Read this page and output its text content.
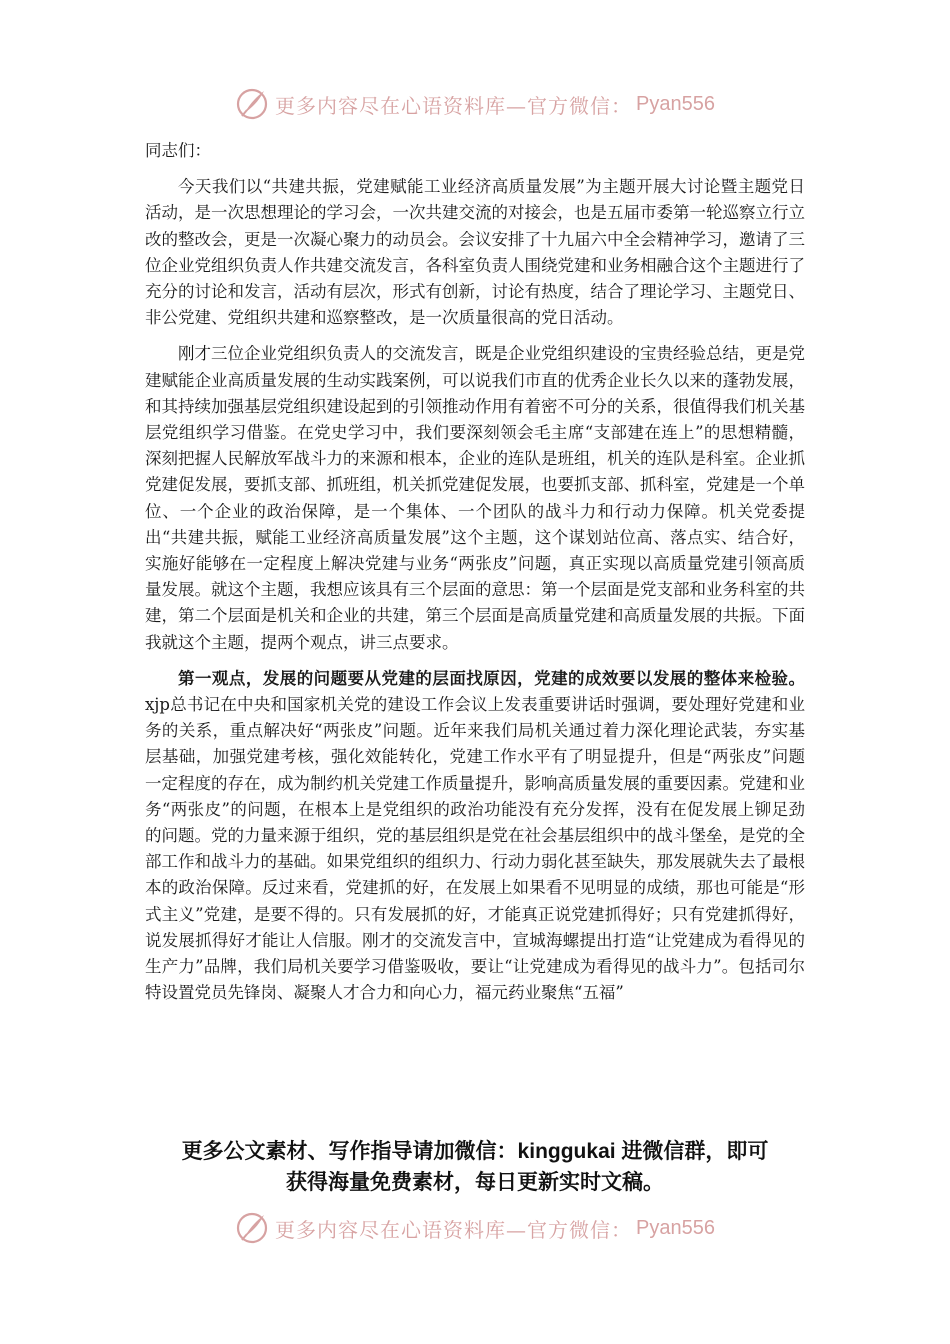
更多内容尽在心语资料库—官方微信： Pyan556

同志们：

今天我们以“共建共振，党建赋能工业经济高质量发展”为主题开展大讨论暨主题党日活动，是一次思想理论的学习会，一次共建交流的对接会，也是五届市委第一轮巡察立行立改的整改会，更是一次凝心聚力的动员会。会议安排了十九届六中全会精神学习，邀请了三位企业党组织负责人作共建交流发言，各科室负责人围绕党建和业务相融合这个主题进行了充分的讨论和发言，活动有层次，形式有创新，讨论有热度，结合了理论学习、主题党日、非公党建、党组织共建和巡察整改，是一次质量很高的党日活动。

刚才三位企业党组织负责人的交流发言，既是企业党组织建设的宝贵经验总结，更是党建赋能企业高质量发展的生动实践案例，可以说我们市直的优秀企业长久以来的蓬勃发展，和其持续加强基层党组织建设起到的引领推动作用有着密不可分的关系，很值得我们机关基层党组织学习借鉴。在党史学习中，我们要深刻领会毛主席“支部建在连上”的思想精髓，深刻把握人民解放军战斗力的来源和根本，企业的连队是班组，机关的连队是科室。企业抓党建促发展，要抓支部、抓班组，机关抓党建促发展，也要抓支部、抓科室，党建是一个单位、一个企业的政治保障，是一个集体、一个团队的战斗力和行动力保障。机关党委提出“共建共振，赋能工业经济高质量发展”这个主题，这个谋划站位高、落点实、结合好，实施好能够在一定程度上解决党建与业务“两张皮”问题，真正实现以高质量党建引领高质量发展。就这个主题，我想应该具有三个层面的意思：第一个层面是党支部和业务科室的共建，第二个层面是机关和企业的共建，第三个层面是高质量党建和高质量发展的共振。下面我就这个主题，提两个观点，讲三点要求。

第一观点，发展的问题要从党建的层面找原因，党建的成效要以发展的整体来检验。xjp总书记在中央和国家机关党的建设工作会议上发表重要讲话时强调，要处理好党建和业务的关系，重点解决好“两张皮”问题。近年来我们局机关通过着力深化理论武装，夯实基层基础，加强党建考核，强化效能转化，党建工作水平有了明显提升，但是“两张皮”问题一定程度的存在，成为制约机关党建工作质量提升，影响高质量发展的重要因素。党建和业务“两张皮”的问题，在根本上是党组织的政治功能没有充分发挥，没有在促发展上铆足劲的问题。党的力量来源于组织，党的基层组织是党在社会基层组织中的战斗堡垒，是党的全部工作和战斗力的基础。如果党组织的组织力、行动力弱化甚至缺失，那发展就失去了最根本的政治保障。反过来看，党建抓的好，在发展上如果看不见明显的成绩，那也可能是“形式主义”党建，是要不得的。只有发展抓的好，才能真正说党建抓得好；只有党建抓得好，说发展抓得好才能让人信服。刚才的交流发言中，宣城海螺提出打造“让党建成为看得见的生产力”品牌，我们局机关要学习借鉴吸收，要让“让党建成为看得见的战斗力”。包括司尔特设置党员先锋岗、凝聚人才合力和向心力，福元药业聚焦“五福”

更多公文素材、写作指导请加微信：kinggukai 进微信群，即可
获得海量免费素材，每日更新实时文稿。
更多内容尽在心语资料库—官方微信： Pyan556
